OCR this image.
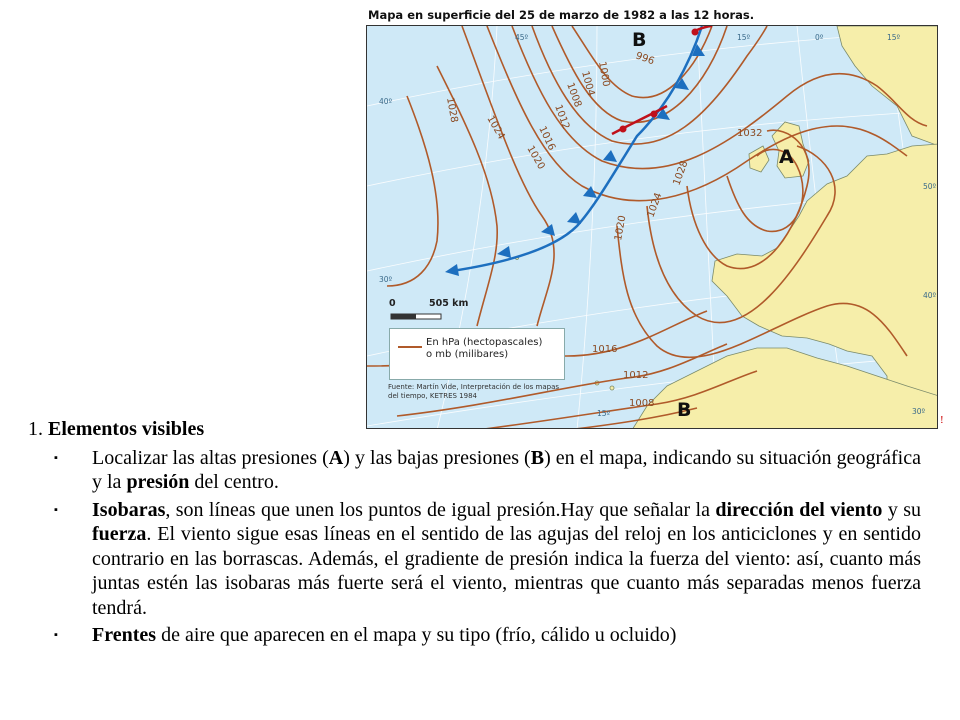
Mapa en superficie del 25 de marzo de 1982 a las 12 horas.
996
1000
1004
1008
1012
1016
1020
1024
1028
1032
1028
1024
1020
1016
1012
1008
45º
40º
30º
15º	0º	15º
50º
40º
15º	30º
B
A
B
0	505 km
En hPa (hectopascales)
o mb (milibares)
Fuente: Martín Vide, Interpretación de los mapas del tiempo, KETRES 1984
!
1. Elementos visibles
▪ Localizar las altas presiones (A) y las bajas presiones (B) en el mapa, indicando su situación geográfica y la presión del centro.
▪ Isobaras, son líneas que unen los puntos de igual presión.Hay que señalar la dirección del viento y su fuerza. El viento sigue esas líneas en el sentido de las agujas del reloj en los anticiclones y en sentido contrario en las borrascas. Además, el gradiente de presión indica la fuerza del viento: así, cuanto más juntas estén las isobaras más fuerte será el viento, mientras que cuanto más separadas menos fuerza tendrá.
▪ Frentes de aire que aparecen en el mapa y su tipo (frío, cálido u ocluido)
